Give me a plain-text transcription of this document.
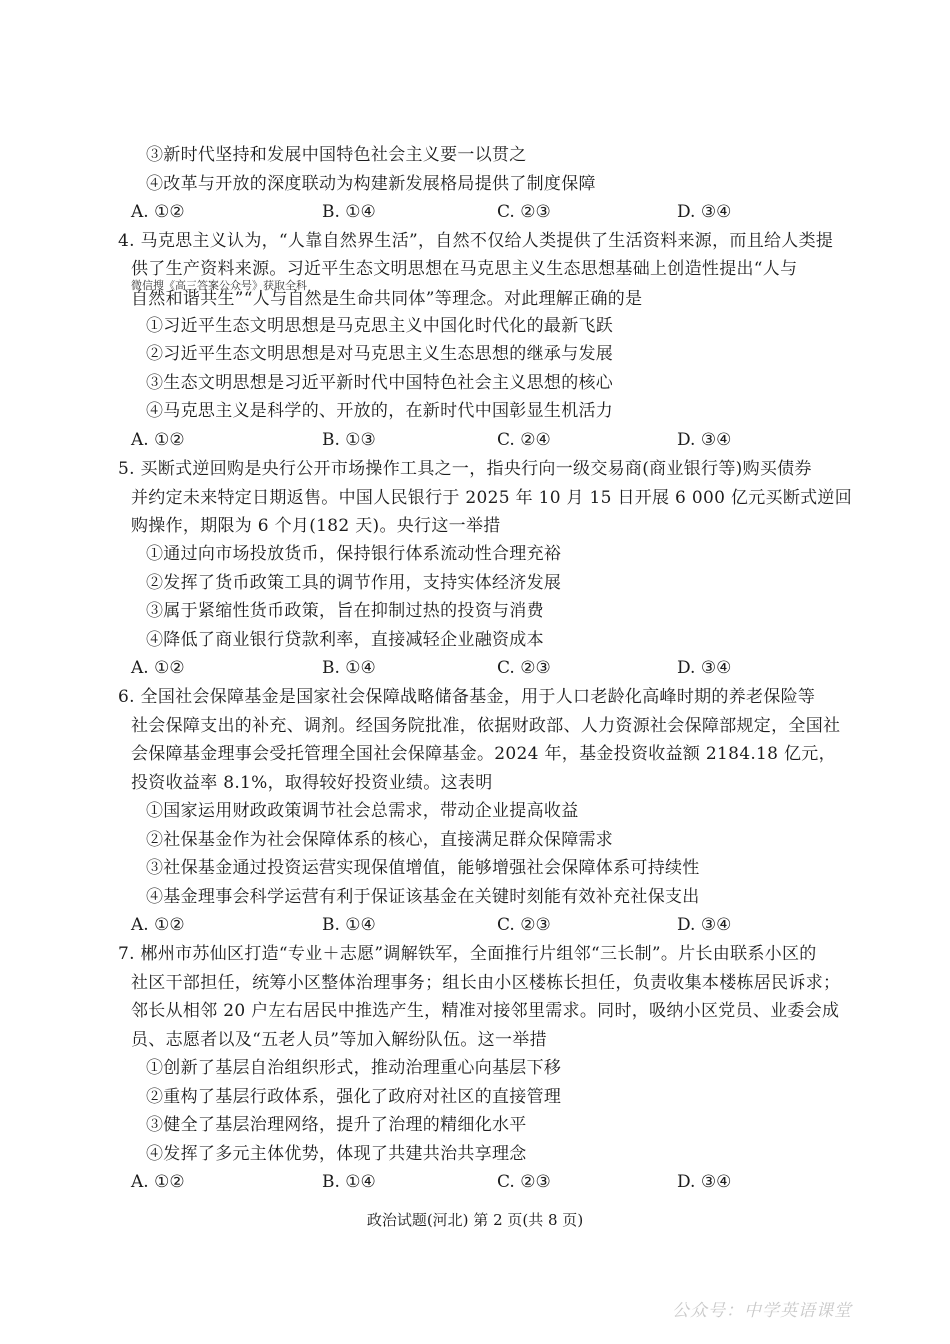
③新时代坚持和发展中国特色社会主义要一以贯之
④改革与开放的深度联动为构建新发展格局提供了制度保障
A. ①②	B. ①④	C. ②③	D. ③④
4. 马克思主义认为，“人靠自然界生活”，自然不仅给人类提供了生活资料来源，而且给人类提
供了生产资料来源。习近平生态文明思想在马克思主义生态思想基础上创造性提出“人与
微信搜《高三答案公众号》获取全科
自然和谐共生”“人与自然是生命共同体”等理念。对此理解正确的是
①习近平生态文明思想是马克思主义中国化时代化的最新飞跃
②习近平生态文明思想是对马克思主义生态思想的继承与发展
③生态文明思想是习近平新时代中国特色社会主义思想的核心
④马克思主义是科学的、开放的，在新时代中国彰显生机活力
A. ①②	B. ①③	C. ②④	D. ③④
5. 买断式逆回购是央行公开市场操作工具之一，指央行向一级交易商(商业银行等)购买债券
并约定未来特定日期返售。中国人民银行于 2025 年 10 月 15 日开展 6 000 亿元买断式逆回
购操作，期限为 6 个月(182 天)。央行这一举措
①通过向市场投放货币，保持银行体系流动性合理充裕
②发挥了货币政策工具的调节作用，支持实体经济发展
③属于紧缩性货币政策，旨在抑制过热的投资与消费
④降低了商业银行贷款利率，直接减轻企业融资成本
A. ①②	B. ①④	C. ②③	D. ③④
6. 全国社会保障基金是国家社会保障战略储备基金，用于人口老龄化高峰时期的养老保险等
社会保障支出的补充、调剂。经国务院批准，依据财政部、人力资源社会保障部规定，全国社
会保障基金理事会受托管理全国社会保障基金。2024 年，基金投资收益额 2184.18 亿元，
投资收益率 8.1%，取得较好投资业绩。这表明
①国家运用财政政策调节社会总需求，带动企业提高收益
②社保基金作为社会保障体系的核心，直接满足群众保障需求
③社保基金通过投资运营实现保值增值，能够增强社会保障体系可持续性
④基金理事会科学运营有利于保证该基金在关键时刻能有效补充社保支出
A. ①②	B. ①④	C. ②③	D. ③④
7. 郴州市苏仙区打造“专业＋志愿”调解铁军，全面推行片组邻“三长制”。片长由联系小区的
社区干部担任，统筹小区整体治理事务；组长由小区楼栋长担任，负责收集本楼栋居民诉求；
邻长从相邻 20 户左右居民中推选产生，精准对接邻里需求。同时，吸纳小区党员、业委会成
员、志愿者以及“五老人员”等加入解纷队伍。这一举措
①创新了基层自治组织形式，推动治理重心向基层下移
②重构了基层行政体系，强化了政府对社区的直接管理
③健全了基层治理网络，提升了治理的精细化水平
④发挥了多元主体优势，体现了共建共治共享理念
A. ①②	B. ①④	C. ②③	D. ③④
政治试题(河北) 第 2 页(共 8 页)
公众号：中学英语课堂
